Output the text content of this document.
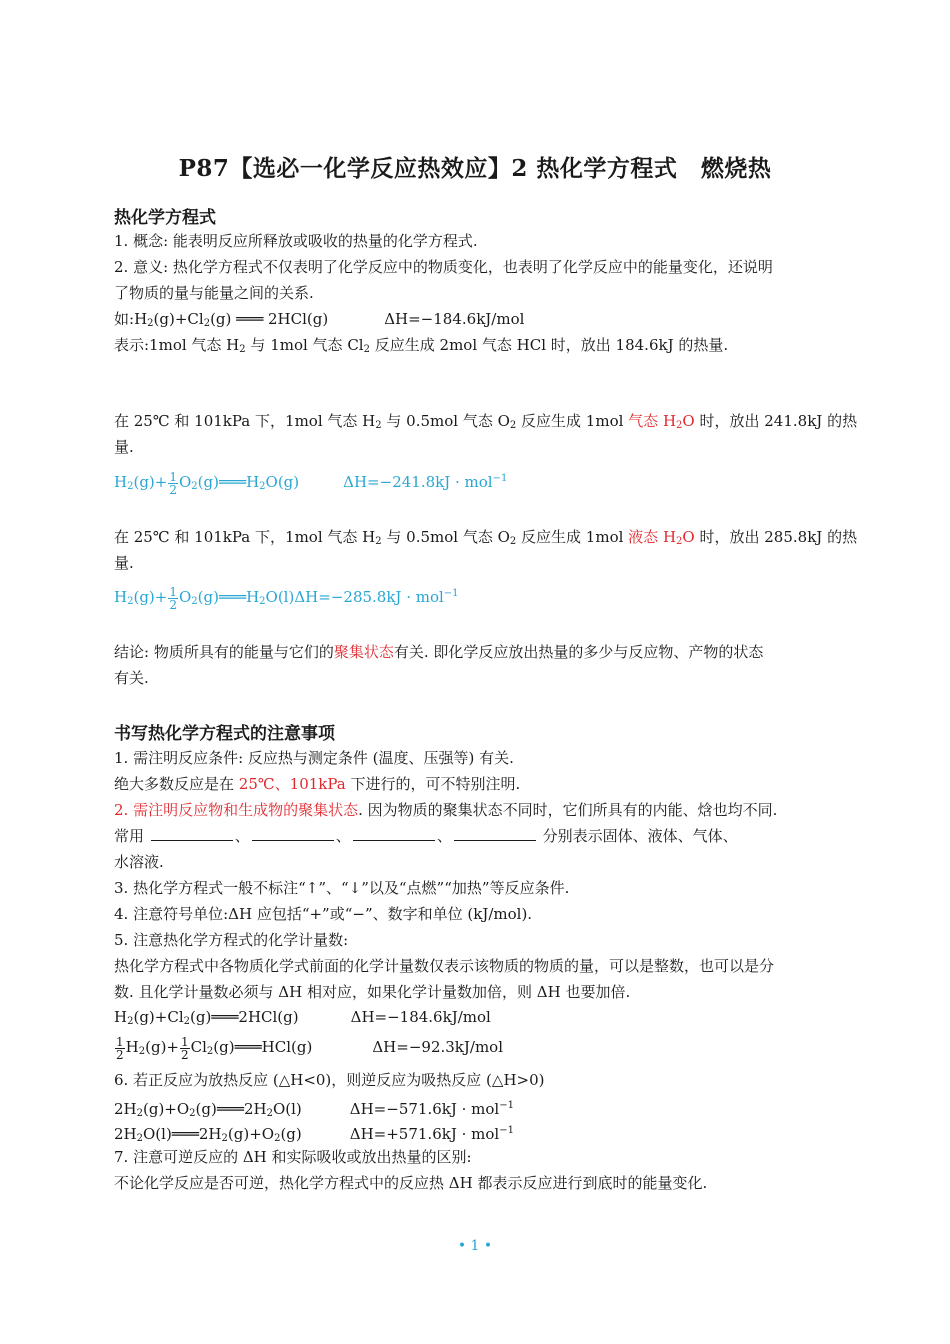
P87【选必一化学反应热效应】2 热化学方程式　燃烧热
热化学方程式
1. 概念: 能表明反应所释放或吸收的热量的化学方程式.
2. 意义: 热化学方程式不仅表明了化学反应中的物质变化，也表明了化学反应中的能量变化，还说明
了物质的量与能量之间的关系.
如$:H_2(g)+Cl_2(g)$ ═══ 2HCl(g)	ΔH=−184.6kJ/mol
表示:1mol 气态 $H_2$ 与 1mol 气态 $Cl_2$ 反应生成 2mol 气态 HCl 时，放出 184.6kJ 的热量.
在 25℃ 和 101kPa 下，1mol 气态 $H_2$ 与 0.5mol 气态 $O_2$ 反应生成 1mol 气态 $H_2O$ 时，放出 241.8kJ 的热
量.
$H_2(g)+ \frac{1}{2}$ $O_2(g)═══H_2O(g)$	ΔH=−241.8kJ · mol$^{-1}$
在 25℃ 和 101kPa 下，1mol 气态 $H_2$ 与 0.5mol 气态 $O_2$ 反应生成 1mol 液态 $H_2O$ 时，放出 285.8kJ 的热
量.
$H_2(g)+ \frac{1}{2}$ $O_2(g)═══H_2O(l)\Delta H=-285.8kJ \cdot mol^{-1}$
结论: 物质所具有的能量与它们的聚集状态有关. 即化学反应放出热量的多少与反应物、产物的状态
有关.
书写热化学方程式的注意事项
1. 需注明反应条件: 反应热与测定条件 (温度、压强等) 有关.
绝大多数反应是在 25℃、101kPa 下进行的，可不特别注明.
2. 需注明反应物和生成物的聚集状态. 因为物质的聚集状态不同时，它们所具有的内能、焓也均不同.
常用	、	、	、	分别表示固体、液体、气体、
水溶液.
3. 热化学方程式一般不标注“↑”、“↓”以及“点燃”“加热”等反应条件.
4. 注意符号单位:ΔH 应包括“+”或“−”、数字和单位 (kJ/mol).
5. 注意热化学方程式的化学计量数:
热化学方程式中各物质化学式前面的化学计量数仅表示该物质的物质的量，可以是整数，也可以是分
数. 且化学计量数必须与 ΔH 相对应，如果化学计量数加倍，则 ΔH 也要加倍.
$H_2(g)+Cl_2(g)═══2HCl(g)$	ΔH=−184.6kJ/mol
$\frac{1}{2} H_2(g)+ \frac{1}{2}$ $Cl_2(g)═══HCl(g)$	ΔH=−92.3kJ/mol
6. 若正反应为放热反应 (△H<0)，则逆反应为吸热反应 (△H>0)
$2H_2(g)+O_2(g)═══2H_2O(l)$	ΔH=−571.6kJ · mol$^{-1}$
$2H_2O(l)═══2H_2(g)+O_2(g)$	ΔH=+571.6kJ · mol$^{-1}$
7. 注意可逆反应的 ΔH 和实际吸收或放出热量的区别:
不论化学反应是否可逆，热化学方程式中的反应热 ΔH 都表示反应进行到底时的能量变化.
• 1 •
